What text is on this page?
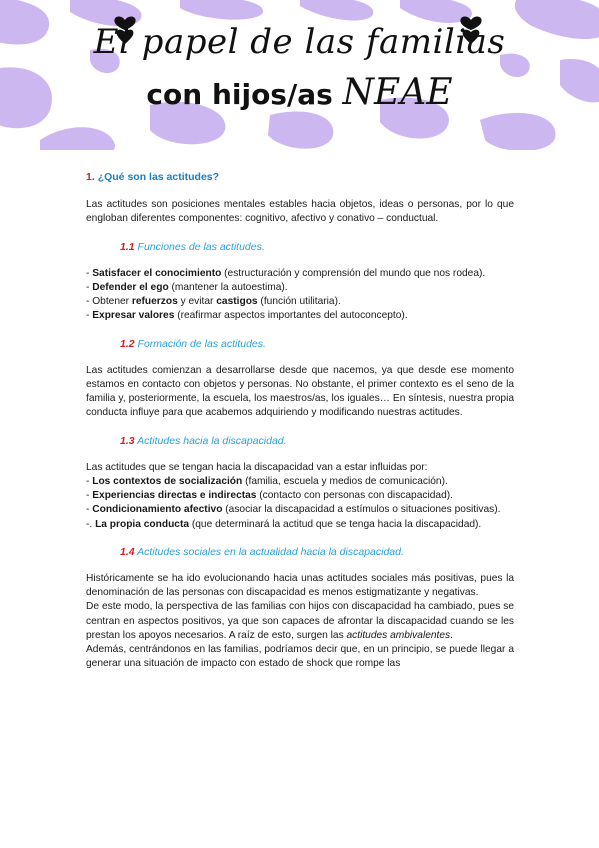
El papel de las familias
con hijos/as NEAE
1. ¿Qué son las actitudes?

Las actitudes son posiciones mentales estables hacia objetos, ideas o personas, por lo que engloban diferentes componentes: cognitivo, afectivo y conativo – conductual.

1.1 Funciones de las actitudes.
- Satisfacer el conocimiento (estructuración y comprensión del mundo que nos rodea).
- Defender el ego (mantener la autoestima).
- Obtener refuerzos y evitar castigos (función utilitaria).
- Expresar valores (reafirmar aspectos importantes del autoconcepto).
1.2 Formación de las actitudes.

Las actitudes comienzan a desarrollarse desde que nacemos, ya que desde ese momento estamos en contacto con objetos y personas. No obstante, el primer contexto es el seno de la familia y, posteriormente, la escuela, los maestros/as, los iguales… En síntesis, nuestra propia conducta influye para que acabemos adquiriendo y modificando nuestras actitudes.

1.3 Actitudes hacia la discapacidad.

Las actitudes que se tengan hacia la discapacidad van a estar influidas por:

- Los contextos de socialización (familia, escuela y medios de comunicación).
- Experiencias directas e indirectas (contacto con personas con discapacidad).
- Condicionamiento afectivo (asociar la discapacidad a estímulos o situaciones positivas).
-. La propia conducta (que determinará la actitud que se tenga hacia la discapacidad).
1.4 Actitudes sociales en la actualidad hacia la discapacidad.

Históricamente se ha ido evolucionando hacia unas actitudes sociales más positivas, pues la denominación de las personas con discapacidad es menos estigmatizante y negativas.

De este modo, la perspectiva de las familias con hijos con discapacidad ha cambiado, pues se centran en aspectos positivos, ya que son capaces de afrontar la discapacidad cuando se les prestan los apoyos necesarios. A raíz de esto, surgen las actitudes ambivalentes.

Además, centrándonos en las familias, podríamos decir que, en un principio, se puede llegar a generar una situación de impacto con estado de shock que rompe las
